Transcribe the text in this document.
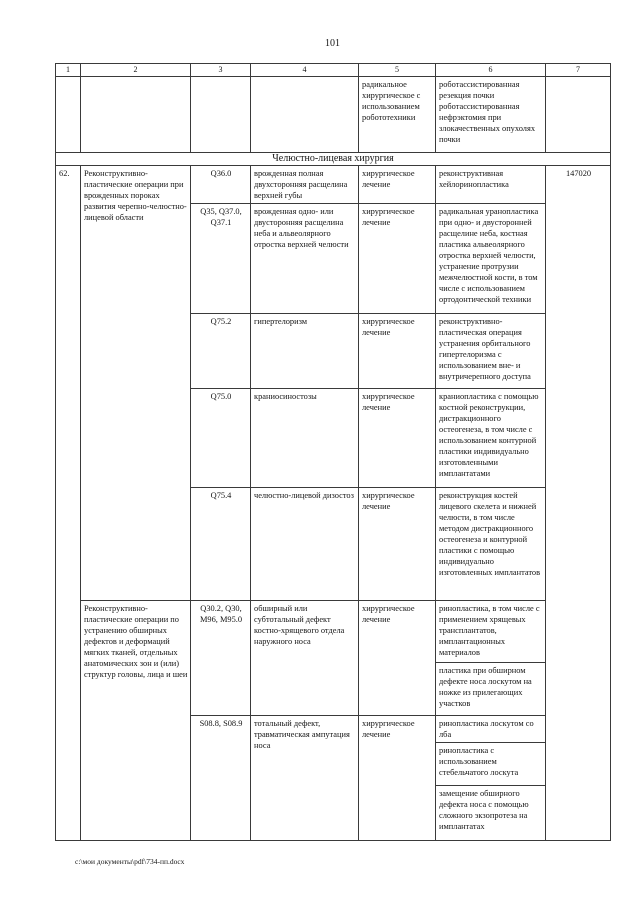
101
1	2	3	4	5	6	7
				радикальное хирургическое с использованием робототехники	роботассистированная резекция почки
роботассистированная нефрэктомия при злокачественных опухолях почки	

Челюстно-лицевая хирургия						
62.	Реконструктивно-пластические операции при врожденных пороках развития черепно-челюстно-лицевой области	Q36.0	врожденная полная двухсторонняя расщелина верхней губы	хирургическое лечение	реконструктивная хейлоринопластика	147020
		Q35, Q37.0, Q37.1	врожденная одно- или двусторонняя расщелина неба и альвеолярного отростка верхней челюсти	хирургическое лечение	радикальная уранопластика при одно- и двусторонней расщелине неба, костная пластика альвеолярного отростка верхней челюсти, устранение протрузии межчелюстной кости, в том числе с использованием ортодонтической техники	
		Q75.2	гипертелоризм	хирургическое лечение	реконструктивно-пластическая операция устранения орбитального гипертелоризма с использованием вне- и внутричерепного доступа	
		Q75.0	краниосиностозы	хирургическое лечение	краниопластика с помощью костной реконструкции, дистракционного остеогенеза, в том числе с использованием контурной пластики индивидуально изготовленными имплантатами	
		Q75.4	челюстно-лицевой дизостоз	хирургическое лечение	реконструкция костей лицевого скелета и нижней челюсти, в том числе методом дистракционного остеогенеза и контурной пластики с помощью индивидуально изготовленных имплантатов	
	Реконструктивно-пластические операции по устранению обширных дефектов и деформаций мягких тканей, отдельных анатомических зон и (или) структур головы, лица и шеи	Q30.2, Q30, M96, M95.0	обширный или субтотальный дефект костно-хрящевого отдела наружного носа	хирургическое лечение	ринопластика, в том числе с применением хрящевых трансплантатов, имплантационных материалов	
					пластика при обширном дефекте носа лоскутом на ножке из прилегающих участков	
		S08.8, S08.9	тотальный дефект, травматическая ампутация носа	хирургическое лечение	ринопластика лоскутом со лба	
					ринопластика с использованием стебельчатого лоскута	
					замещение обширного дефекта носа с помощью сложного экзопротеза на имплантатах	
c:\мои документы\pdf\734-пп.docx
